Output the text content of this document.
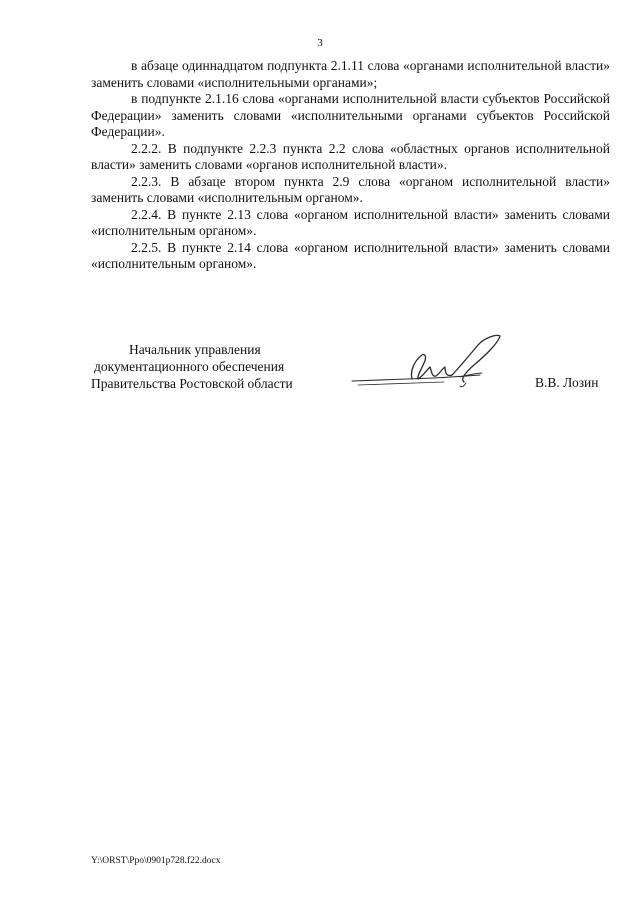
3

в абзаце одиннадцатом подпункта 2.1.11 слова «органами исполнительной власти» заменить словами «исполнительными органами»;

в подпункте 2.1.16 слова «органами исполнительной власти субъектов Российской Федерации» заменить словами «исполнительными органами субъектов Российской Федерации».

2.2.2. В подпункте 2.2.3 пункта 2.2 слова «областных органов исполнительной власти» заменить словами «органов исполнительной власти».

2.2.3. В абзаце втором пункта 2.9 слова «органом исполнительной власти» заменить словами «исполнительным органом».

2.2.4. В пункте 2.13 слова «органом исполнительной власти» заменить словами «исполнительным органом».

2.2.5. В пункте 2.14 слова «органом исполнительной власти» заменить словами «исполнительным органом».

Начальник управления
документационного обеспечения
Правительства Ростовской области	В.В. Лозин
Y:\ORST\Ppo\0901p728.f22.docx
